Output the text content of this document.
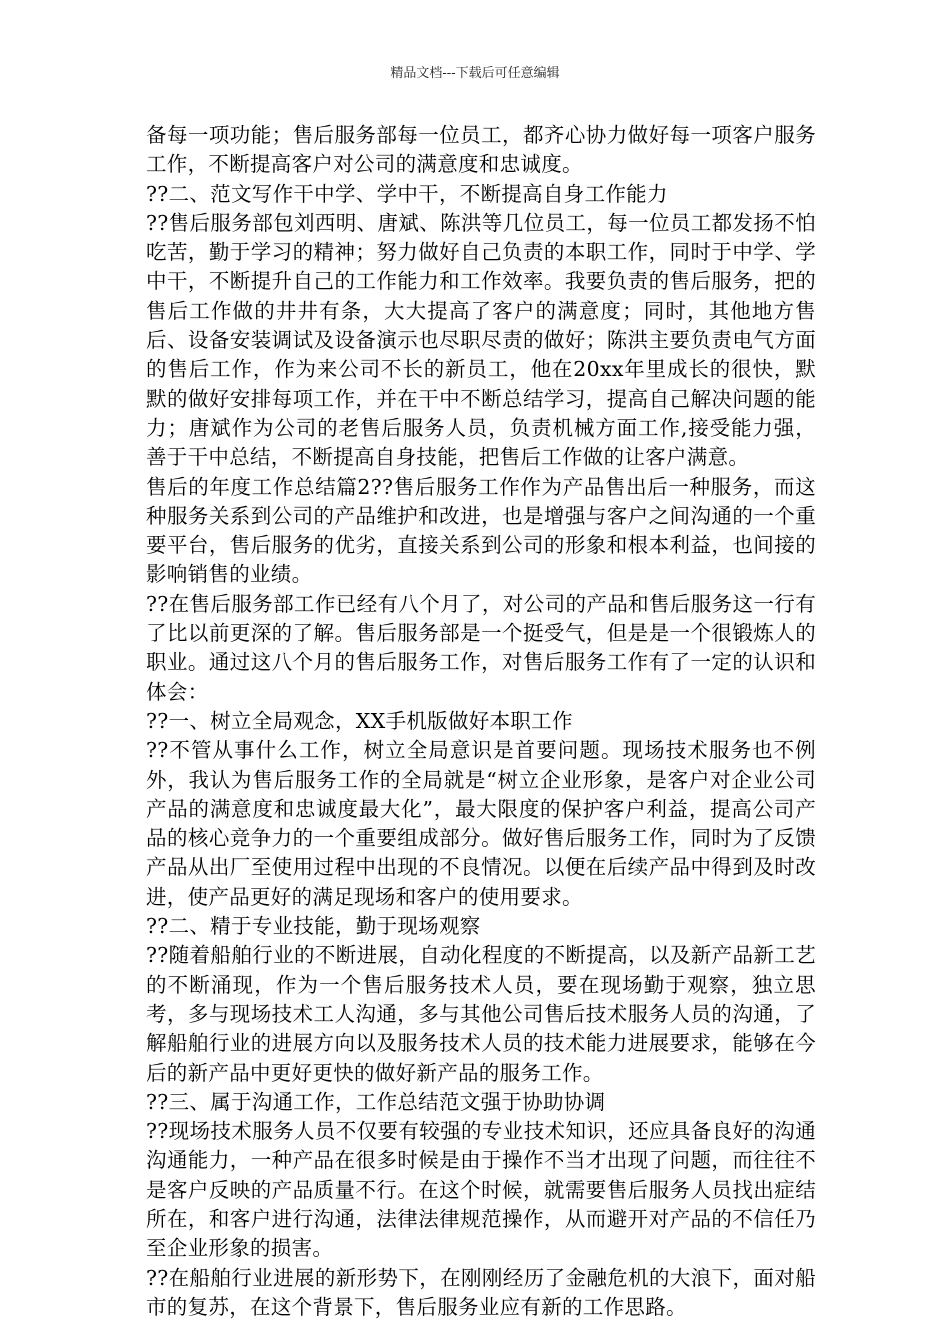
精品文档---下载后可任意编辑

备每一项功能；售后服务部每一位员工，都齐心协力做好每一项客户服务工作，不断提高客户对公司的满意度和忠诚度。

??二、范文写作干中学、学中干，不断提高自身工作能力

??售后服务部包刘西明、唐斌、陈洪等几位员工，每一位员工都发扬不怕吃苦，勤于学习的精神；努力做好自己负责的本职工作，同时于中学、学中干，不断提升自己的工作能力和工作效率。我要负责的售后服务，把的售后工作做的井井有条，大大提高了客户的满意度；同时，其他地方售后、设备安装调试及设备演示也尽职尽责的做好；陈洪主要负责电气方面的售后工作，作为来公司不长的新员工，他在20xx年里成长的很快，默默的做好安排每项工作，并在干中不断总结学习，提高自己解决问题的能力；唐斌作为公司的老售后服务人员，负责机械方面工作,接受能力强，善于干中总结，不断提高自身技能，把售后工作做的让客户满意。

售后的年度工作总结篇2??售后服务工作作为产品售出后一种服务，而这种服务关系到公司的产品维护和改进，也是增强与客户之间沟通的一个重要平台，售后服务的优劣，直接关系到公司的形象和根本利益，也间接的影响销售的业绩。

??在售后服务部工作已经有八个月了，对公司的产品和售后服务这一行有了比以前更深的了解。售后服务部是一个挺受气，但是是一个很锻炼人的职业。通过这八个月的售后服务工作，对售后服务工作有了一定的认识和体会：

??一、树立全局观念，XX手机版做好本职工作

??不管从事什么工作，树立全局意识是首要问题。现场技术服务也不例外，我认为售后服务工作的全局就是“树立企业形象，是客户对企业公司产品的满意度和忠诚度最大化”，最大限度的保护客户利益，提高公司产品的核心竞争力的一个重要组成部分。做好售后服务工作，同时为了反馈产品从出厂至使用过程中出现的不良情况。以便在后续产品中得到及时改进，使产品更好的满足现场和客户的使用要求。

??二、精于专业技能，勤于现场观察

??随着船舶行业的不断进展，自动化程度的不断提高，以及新产品新工艺的不断涌现，作为一个售后服务技术人员，要在现场勤于观察，独立思考，多与现场技术工人沟通，多与其他公司售后技术服务人员的沟通，了解船舶行业的进展方向以及服务技术人员的技术能力进展要求，能够在今后的新产品中更好更快的做好新产品的服务工作。

??三、属于沟通工作，工作总结范文强于协助协调

??现场技术服务人员不仅要有较强的专业技术知识，还应具备良好的沟通沟通能力，一种产品在很多时候是由于操作不当才出现了问题，而往往不是客户反映的产品质量不行。在这个时候，就需要售后服务人员找出症结所在，和客户进行沟通，法律法律规范操作，从而避开对产品的不信任乃至企业形象的损害。

??在船舶行业进展的新形势下，在刚刚经历了金融危机的大浪下，面对船市的复苏，在这个背景下，售后服务业应有新的工作思路。
